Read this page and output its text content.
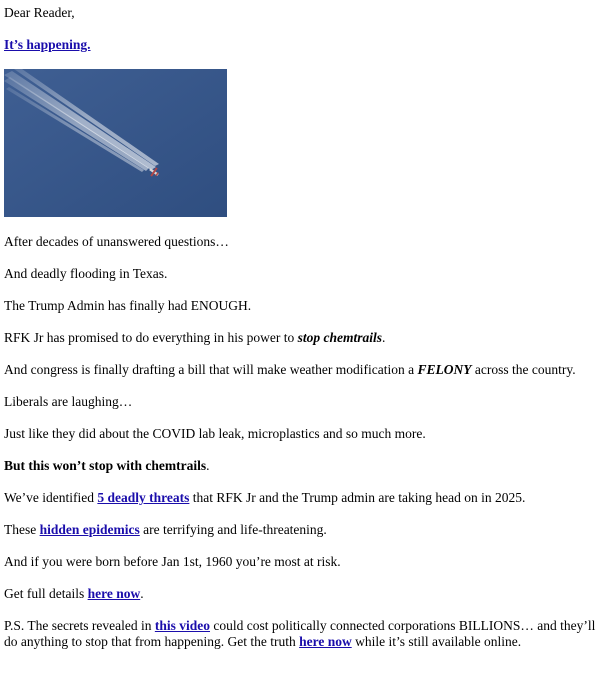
Dear Reader,

It’s happening.

After decades of unanswered questions…

And deadly flooding in Texas.

The Trump Admin has finally had ENOUGH.

RFK Jr has promised to do everything in his power to stop chemtrails.

And congress is finally drafting a bill that will make weather modification a FELONY across the country.

Liberals are laughing…

Just like they did about the COVID lab leak, microplastics and so much more.

But this won’t stop with chemtrails.

We’ve identified 5 deadly threats that RFK Jr and the Trump admin are taking head on in 2025.

These hidden epidemics are terrifying and life-threatening.

And if you were born before Jan 1st, 1960 you’re most at risk.

Get full details here now.

P.S. The secrets revealed in this video could cost politically connected corporations BILLIONS… and they’ll do anything to stop that from happening. Get the truth here now while it’s still available online.
